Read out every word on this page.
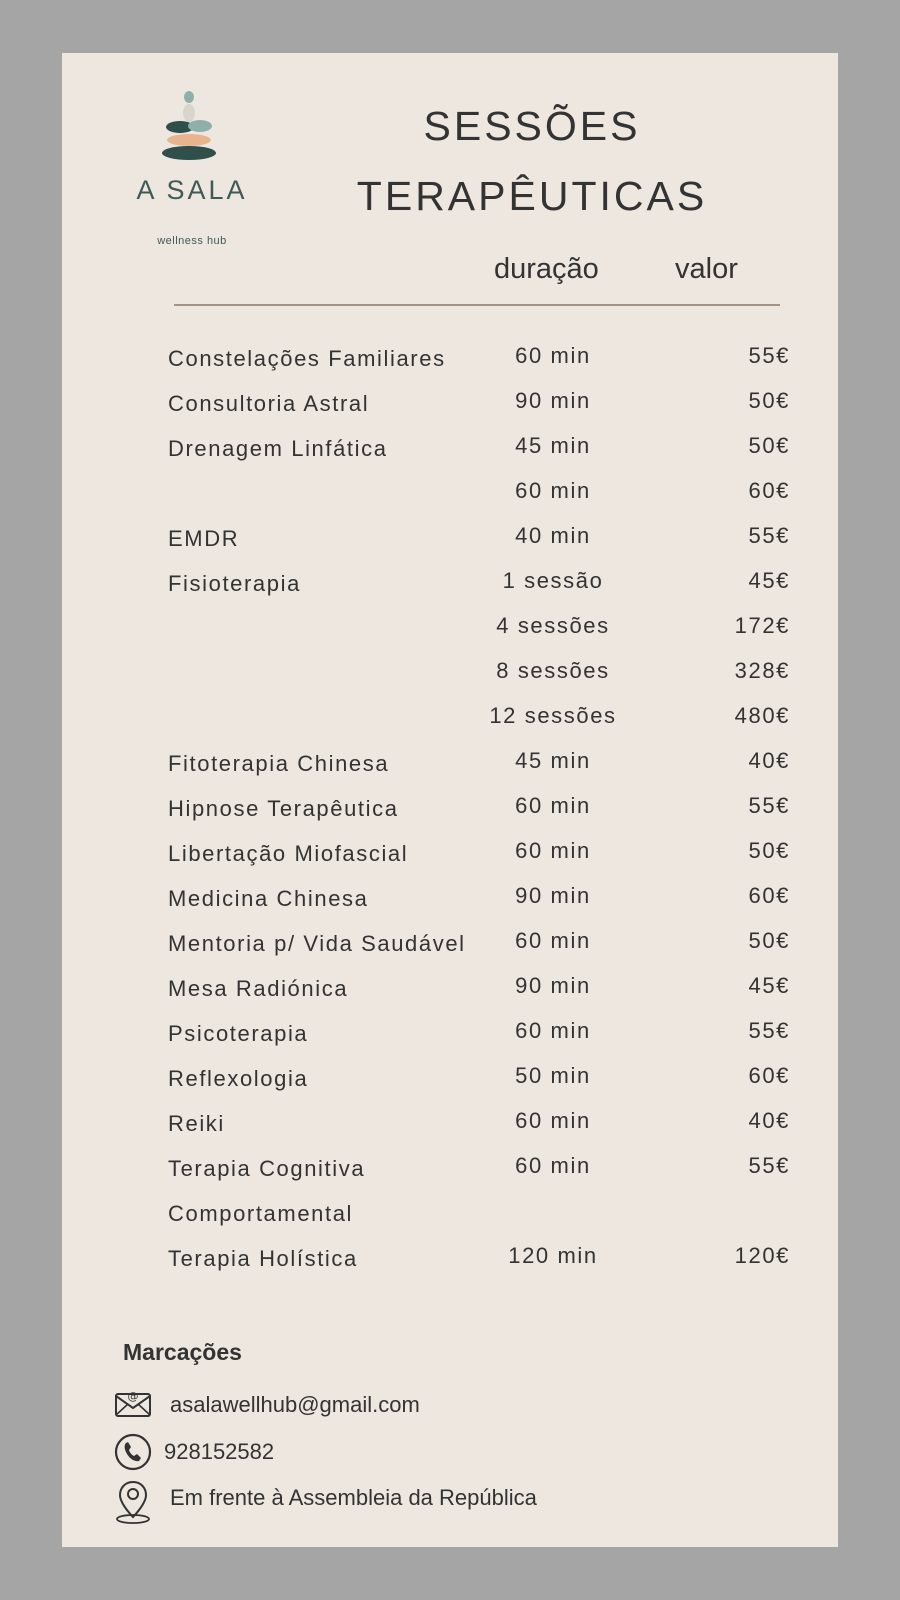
A SALA
wellness hub
SESSÕES
TERAPÊUTICAS
duração	valor
Constelações Familiares	60 min	55€
Consultoria Astral	90 min	50€
Drenagem Linfática	45 min	50€
60 min	60€
EMDR	40 min	55€
Fisioterapia	1 sessão	45€
4 sessões	172€
8 sessões	328€
12 sessões	480€
Fitoterapia Chinesa	45 min	40€
Hipnose Terapêutica	60 min	55€
Libertação Miofascial	60 min	50€
Medicina Chinesa	90 min	60€
Mentoria p/ Vida Saudável	60 min	50€
Mesa Radiónica	90 min	45€
Psicoterapia	60 min	55€
Reflexologia	50 min	60€
Reiki	60 min	40€
Terapia Cognitiva	60 min	55€
Comportamental
Terapia Holística	120 min	120€
Marcações
@ asalawellhub@gmail.com
928152582
Em frente à Assembleia da República
